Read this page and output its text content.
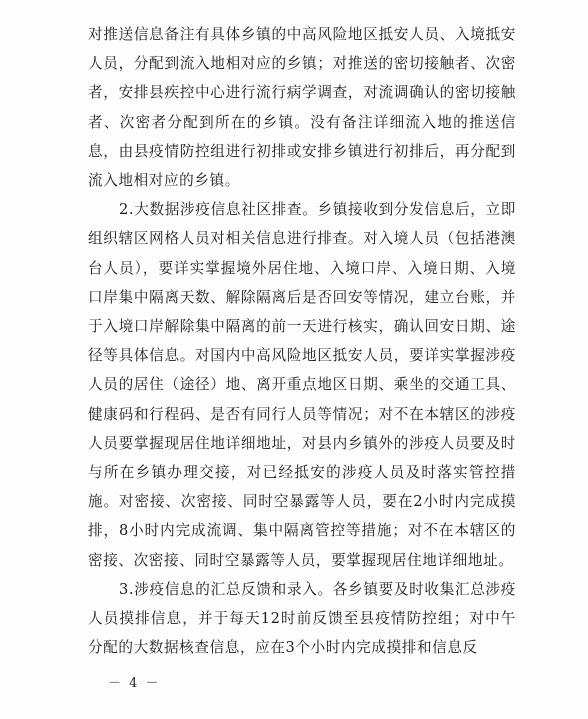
对推送信息备注有具体乡镇的中高风险地区抵安人员、入境抵安人员，分配到流入地相对应的乡镇；对推送的密切接触者、次密者，安排县疾控中心进行流行病学调查，对流调确认的密切接触者、次密者分配到所在的乡镇。没有备注详细流入地的推送信息，由县疫情防控组进行初排或安排乡镇进行初排后，再分配到流入地相对应的乡镇。

2.大数据涉疫信息社区排查。乡镇接收到分发信息后，立即组织辖区网格人员对相关信息进行排查。对入境人员（包括港澳台人员），要详实掌握境外居住地、入境口岸、入境日期、入境口岸集中隔离天数、解除隔离后是否回安等情况，建立台账，并于入境口岸解除集中隔离的前一天进行核实，确认回安日期、途径等具体信息。对国内中高风险地区抵安人员，要详实掌握涉疫人员的居住（途径）地、离开重点地区日期、乘坐的交通工具、健康码和行程码、是否有同行人员等情况；对不在本辖区的涉疫人员要掌握现居住地详细地址，对县内乡镇外的涉疫人员要及时与所在乡镇办理交接，对已经抵安的涉疫人员及时落实管控措施。对密接、次密接、同时空暴露等人员，要在2小时内完成摸排，8小时内完成流调、集中隔离管控等措施；对不在本辖区的密接、次密接、同时空暴露等人员，要掌握现居住地详细地址。

3.涉疫信息的汇总反馈和录入。各乡镇要及时收集汇总涉疫人员摸排信息，并于每天12时前反馈至县疫情防控组；对中午分配的大数据核查信息，应在3个小时内完成摸排和信息反

－ 4 －
